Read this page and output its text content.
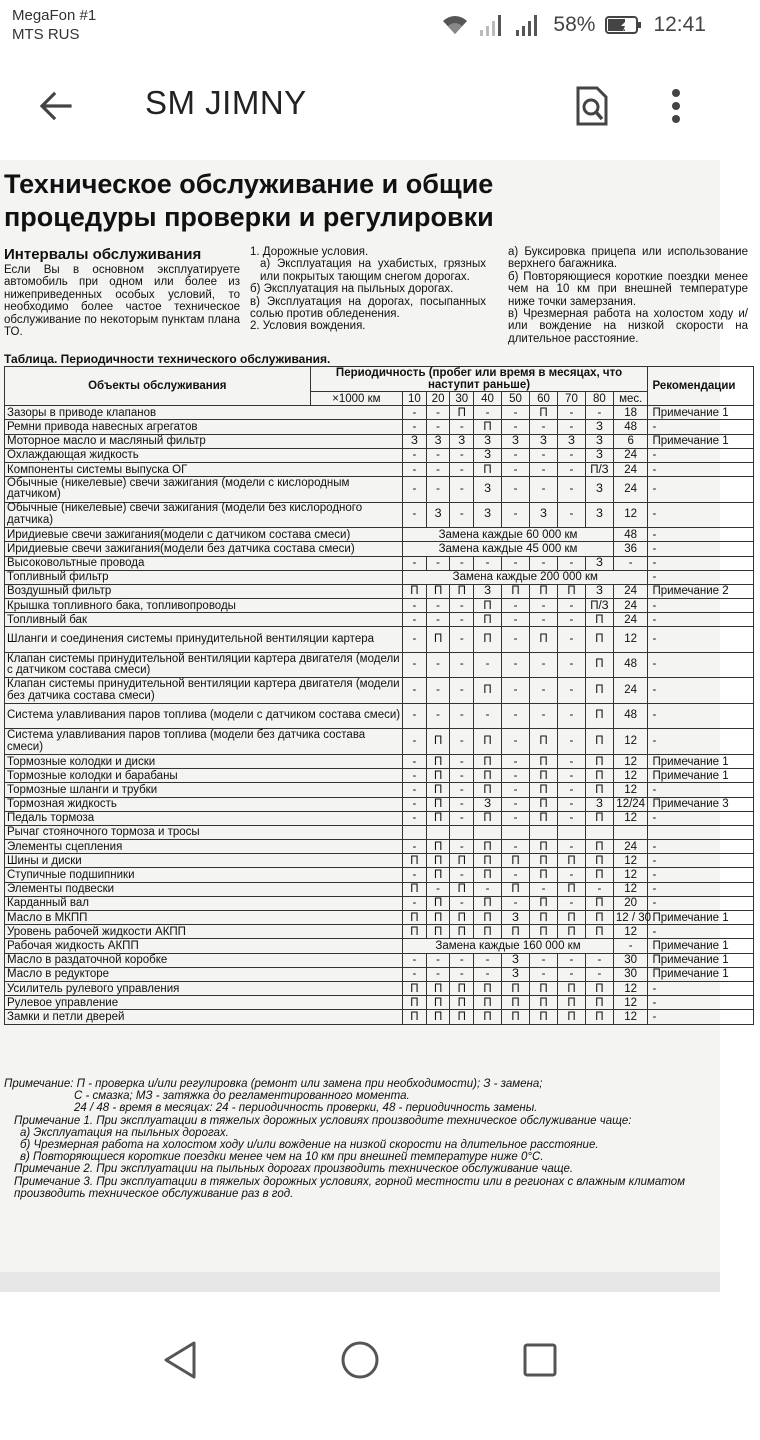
MegaFon #1
MTS RUS	58%	12:41
SM JIMNY
Техническое обслуживание и общие
процедуры проверки и регулировки
Интервалы обслуживания
Если Вы в основном эксплуатируете автомобиль при одном или более из нижеприведенных особых условий, то необходимо более частое техническое обслуживание по некоторым пунктам плана ТО.
1. Дорожные условия.
а) Эксплуатация на ухабистых, грязных или покрытых тающим снегом дорогах.
б) Эксплуатация на пыльных дорогах.
в) Эксплуатация на дорогах, посыпанных солью против обледенения.
2. Условия вождения.
а) Буксировка прицепа или использование верхнего багажника.
б) Повторяющиеся короткие поездки менее чем на 10 км при внешней температуре ниже точки замерзания.
в) Чрезмерная работа на холостом ходу и/или вождение на низкой скорости на длительное расстояние.
Таблица. Периодичности технического обслуживания.
Объекты обслуживания	Периодичность (пробег или время в месяцах, что наступит раньше)										Рекомендации
	×1000 км	10	20	30	40	50	60	70	80	мес.	
Зазоры в приводе клапанов		-	-	П	-	-	П	-	-	18	Примечание 1
Ремни привода навесных агрегатов		-	-	-	П	-	-	-	З	48	-
Моторное масло и масляный фильтр		З	З	З	З	З	З	З	З	6	Примечание 1
Охлаждающая жидкость		-	-	-	З	-	-	-	З	24	-
Компоненты системы выпуска ОГ		-	-	-	П	-	-	-	П/З	24	-
Обычные (никелевые) свечи зажигания (модели с кислородным датчиком)		-	-	-	З	-	-	-	З	24	-
Обычные (никелевые) свечи зажигания (модели без кислородного датчика)		-	З	-	З	-	З	-	З	12	-
Иридиевые свечи зажигания(модели с датчиком состава смеси)		Замена каждые 60 000 км								48	-
Иридиевые свечи зажигания(модели без датчика состава смеси)		Замена каждые 45 000 км								36	-
Высоковольтные провода		-	-	-	-	-	-	-	З	-	-
Топливный фильтр		Замена каждые 200 000 км									-
Воздушный фильтр		П	П	П	З	П	П	П	З	24	Примечание 2
Крышка топливного бака, топливопроводы		-	-	-	П	-	-	-	П/З	24	-
Топливный бак		-	-	-	П	-	-	-	П	24	-
Шланги и соединения системы принудительной вентиляции картера		-	П	-	П	-	П	-	П	12	-
Клапан системы принудительной вентиляции картера двигателя (модели с датчиком состава смеси)		-	-	-	-	-	-	-	П	48	-
Клапан системы принудительной вентиляции картера двигателя (модели без датчика состава смеси)		-	-	-	П	-	-	-	П	24	-
Система улавливания паров топлива (модели с датчиком состава смеси)		-	-	-	-	-	-	-	П	48	-
Система улавливания паров топлива (модели без датчика состава смеси)		-	П	-	П	-	П	-	П	12	-
Тормозные колодки и диски		-	П	-	П	-	П	-	П	12	Примечание 1
Тормозные колодки и барабаны		-	П	-	П	-	П	-	П	12	Примечание 1
Тормозные шланги и трубки		-	П	-	П	-	П	-	П	12	-
Тормозная жидкость		-	П	-	З	-	П	-	З	12/24	Примечание 3
Педаль тормоза		-	П	-	П	-	П	-	П	12	-
Рычаг стояночного тормоза и тросы											
Элементы сцепления		-	П	-	П	-	П	-	П	24	-
Шины и диски		П	П	П	П	П	П	П	П	12	-
Ступичные подшипники		-	П	-	П	-	П	-	П	12	-
Элементы подвески		П	-	П	-	П	-	П	-	12	-
Карданный вал		-	П	-	П	-	П	-	П	20	-
Масло в МКПП		П	П	П	П	З	П	П	П	12 / 30	Примечание 1
Уровень рабочей жидкости АКПП		П	П	П	П	П	П	П	П	12	-
Рабочая жидкость АКПП		Замена каждые 160 000 км								-	Примечание 1
Масло в раздаточной коробке		-	-	-	-	З	-	-	-	30	Примечание 1
Масло в редукторе		-	-	-	-	З	-	-	-	30	Примечание 1
Усилитель рулевого управления		П	П	П	П	П	П	П	П	12	-
Рулевое управление		П	П	П	П	П	П	П	П	12	-
Замки и петли дверей		П	П	П	П	П	П	П	П	12	-
Примечание: П - проверка и/или регулировка (ремонт или замена при необходимости); З - замена;
С - смазка; МЗ - затяжка до регламентированного момента.
24 / 48 - время в месяцах: 24 - периодичность проверки, 48 - периодичность замены.
Примечание 1. При эксплуатации в тяжелых дорожных условиях производите техническое обслуживание чаще:
а) Эксплуатация на пыльных дорогах.
б) Чрезмерная работа на холостом ходу и/или вождение на низкой скорости на длительное расстояние.
в) Повторяющиеся короткие поездки менее чем на 10 км при внешней температуре ниже 0°С.
Примечание 2. При эксплуатации на пыльных дорогах производить техническое обслуживание чаще.
Примечание 3. При эксплуатации в тяжелых дорожных условиях, горной местности или в регионах с влажным климатом производить техническое обслуживание раз в год.
